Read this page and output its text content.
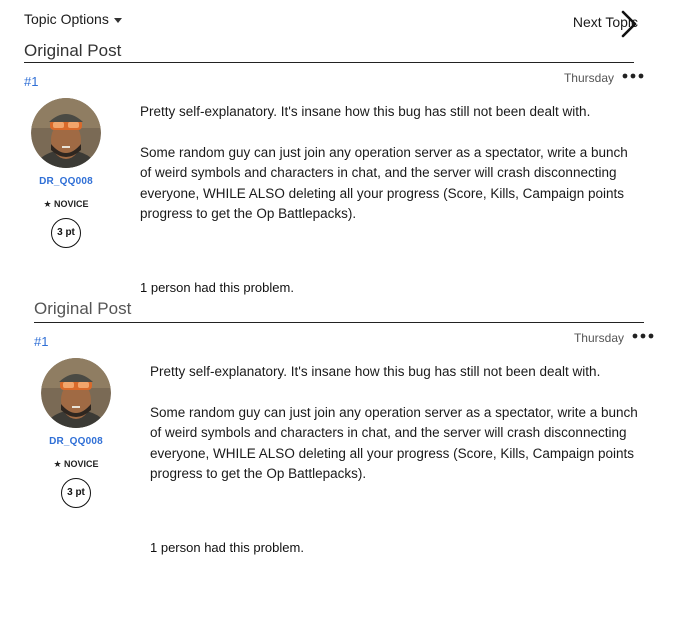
Topic Options	Next Topic
Original Post
#1	Thursday
DR_QQ008
★ NOVICE
3 pt

Pretty self-explanatory. It's insane how this bug has still not been dealt with.

Some random guy can just join any operation server as a spectator, write a bunch of weird symbols and characters in chat, and the server will crash disconnecting everyone, WHILE ALSO deleting all your progress (Score, Kills, Campaign points progress to get the Op Battlepacks).

1 person had this problem.
Original Post
#1	Thursday
DR_QQ008
★ NOVICE
3 pt

Pretty self-explanatory. It's insane how this bug has still not been dealt with.

Some random guy can just join any operation server as a spectator, write a bunch of weird symbols and characters in chat, and the server will crash disconnecting everyone, WHILE ALSO deleting all your progress (Score, Kills, Campaign points progress to get the Op Battlepacks).

1 person had this problem.
